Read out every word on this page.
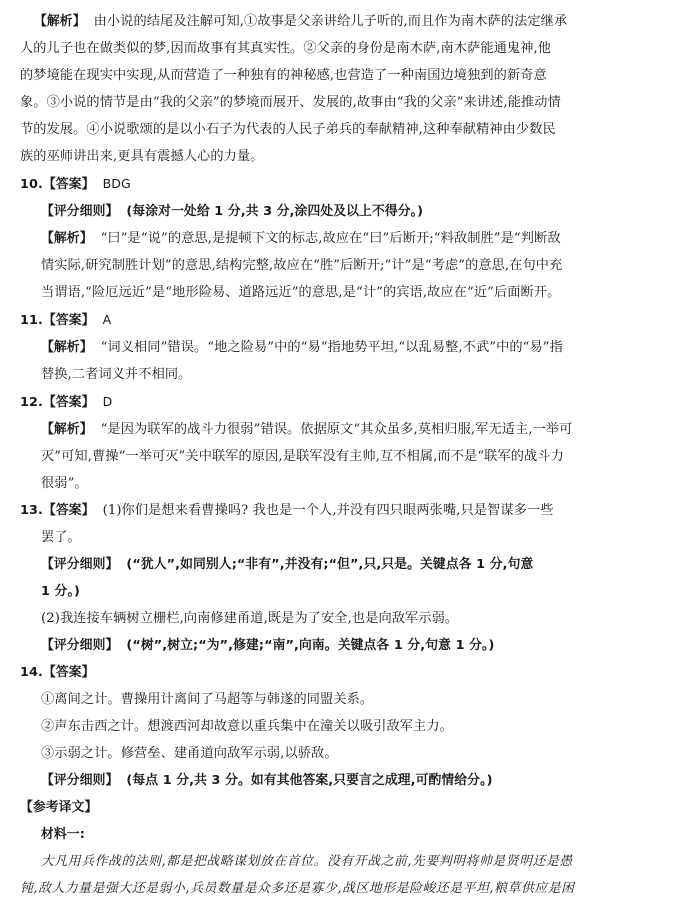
【解析】 由小说的结尾及注解可知,①故事是父亲讲给儿子听的,而且作为南木萨的法定继承
人的儿子也在做类似的梦,因而故事有其真实性。②父亲的身份是南木萨,南木萨能通鬼神,他
的梦境能在现实中实现,从而营造了一种独有的神秘感,也营造了一种南国边境独到的新奇意
象。③小说的情节是由“我的父亲”的梦境而展开、发展的,故事由“我的父亲”来讲述,能推动情
节的发展。④小说歌颂的是以小石子为代表的人民子弟兵的奉献精神,这种奉献精神由少数民
族的巫师讲出来,更具有震撼人心的力量。
10.【答案】 BDG
【评分细则】 (每涂对一处给 1 分,共 3 分,涂四处及以上不得分。)
【解析】 “曰”是“说”的意思,是提顿下文的标志,故应在“曰”后断开;“料敌制胜”是“判断敌
情实际,研究制胜计划”的意思,结构完整,故应在“胜”后断开;“计”是“考虑”的意思,在句中充
当谓语,“险厄远近”是“地形险易、道路远近”的意思,是“计”的宾语,故应在“近”后面断开。
11.【答案】 A
【解析】 “词义相同”错误。“地之险易”中的“易”指地势平坦,“以乱易整,不武”中的“易”指
替换,二者词义并不相同。
12.【答案】 D
【解析】 “是因为联军的战斗力很弱”错误。依据原文“其众虽多,莫相归服,军无适主,一举可
灭”可知,曹操“一举可灭”关中联军的原因,是联军没有主帅,互不相属,而不是“联军的战斗力
很弱”。
13.【答案】 (1)你们是想来看曹操吗? 我也是一个人,并没有四只眼两张嘴,只是智谋多一些
罢了。
【评分细则】 (“犹人”,如同别人;“非有”,并没有;“但”,只,只是。关键点各 1 分,句意
1 分。)
(2)我连接车辆树立栅栏,向南修建甬道,既是为了安全,也是向敌军示弱。
【评分细则】 (“树”,树立;“为”,修建;“南”,向南。关键点各 1 分,句意 1 分。)
14.【答案】
①离间之计。曹操用计离间了马超等与韩遂的同盟关系。
②声东击西之计。想渡西河却故意以重兵集中在潼关以吸引敌军主力。
③示弱之计。修营垒、建甬道向敌军示弱,以骄敌。
【评分细则】 (每点 1 分,共 3 分。如有其他答案,只要言之成理,可酌情给分。)
【参考译文】
材料一:
大凡用兵作战的法则,都是把战略谋划放在首位。没有开战之前,先要判明将帅是贤明还是愚
钝,敌人力量是强大还是弱小,兵员数量是众多还是寡少,战区地形是险峻还是平坦,粮草供应是困
